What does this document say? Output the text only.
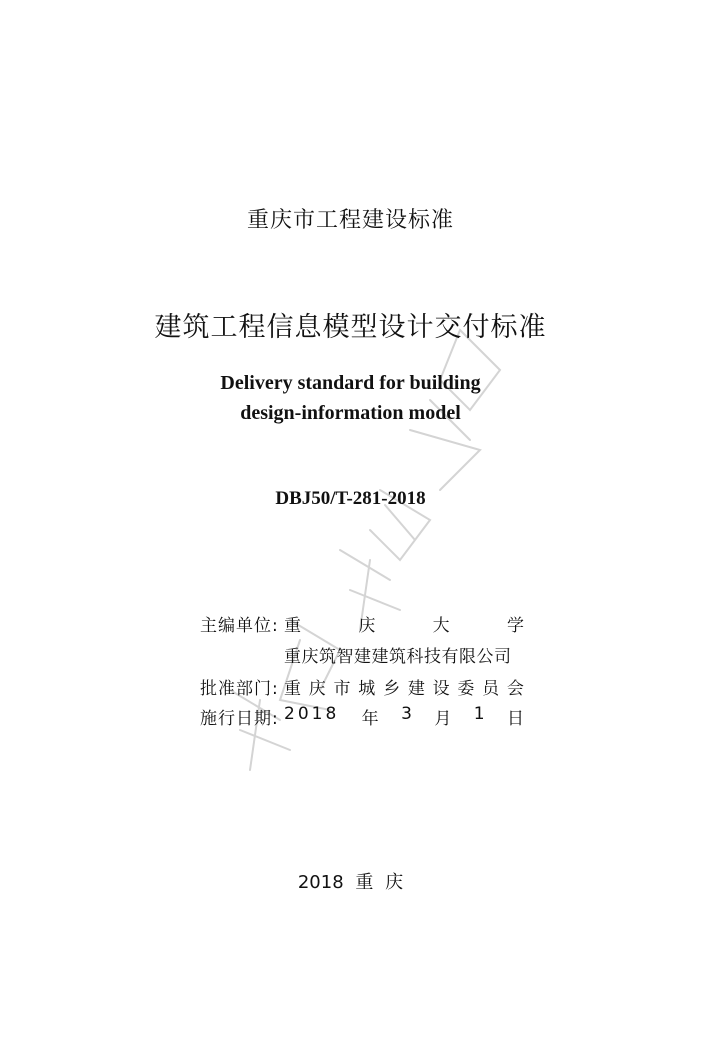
重庆市工程建设标准
建筑工程信息模型设计交付标准
Delivery standard for building
design-information model
DBJ50/T-281-2018
主编单位: 重	庆	大	学
重庆筑智建建筑科技有限公司
批准部门: 重 庆 市 城 乡 建 设 委 员 会
施行日期: 2018 年 3 月 1 日
2018 重 庆
